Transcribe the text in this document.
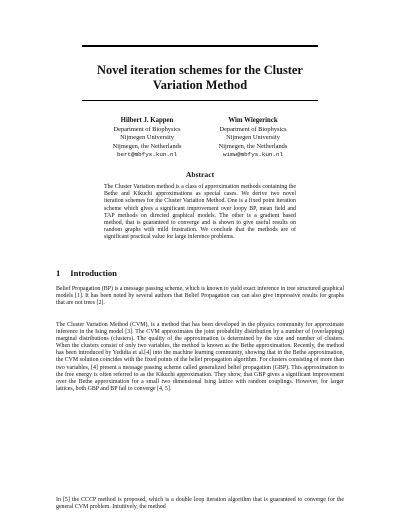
Novel iteration schemes for the Cluster
Variation Method
Hilbert J. Kappen
Department of Biophysics
Nijmegen University
Nijmegen, the Netherlands
bert@mbfys.kun.nl
Wim Wiegerinck
Department of Biophysics
Nijmegen University
Nijmegen, the Netherlands
wimw@mbfys.kun.nl
Abstract
The Cluster Variation method is a class of approximation methods containing the Bethe and Kikuchi approximations as special cases. We derive two novel iteration schemes for the Cluster Variation Method. One is a fixed point iteration scheme which gives a significant improvement over loopy BP, mean field and TAP methods on directed graphical models. The other is a gradient based method, that is guaranteed to converge and is shown to give useful results on random graphs with mild frustration. We conclude that the methods are of significant practical value for large inference problems.
1 Introduction
Belief Propagation (BP) is a message passing scheme, which is known to yield exact inference in tree structured graphical models [1]. It has been noted by several authors that Belief Propagation can can also give impressive results for graphs that are not trees [2].
The Cluster Variation Method (CVM), is a method that has been developed in the physics community for approximate inference in the Ising model [3]. The CVM approximates the joint probability distribution by a number of (overlapping) marginal distributions (clusters). The quality of the approximation is determined by the size and number of clusters. When the clusters consist of only two variables, the method is known as the Bethe approximation. Recently, the method has been introduced by Yedidia et al.[4] into the machine learning community, showing that in the Bethe approximation, the CVM solution coincides with the fixed points of the belief propagation algorithm. For clusters consisting of more than two variables, [4] present a message passing scheme called generalized belief propagation (GBP). This approximation to the free energy is often referred to as the Kikuchi approximation. They show, that GBP gives a significant improvement over the Bethe approximation for a small two dimensional Ising lattice with random couplings. However, for larger lattices, both GBP and BP fail to converge [4, 5].
In [5] the CCCP method is proposed, which is a double loop iteration algorithm that is guaranteed to converge for the general CVM problem. Intuitively, the method
